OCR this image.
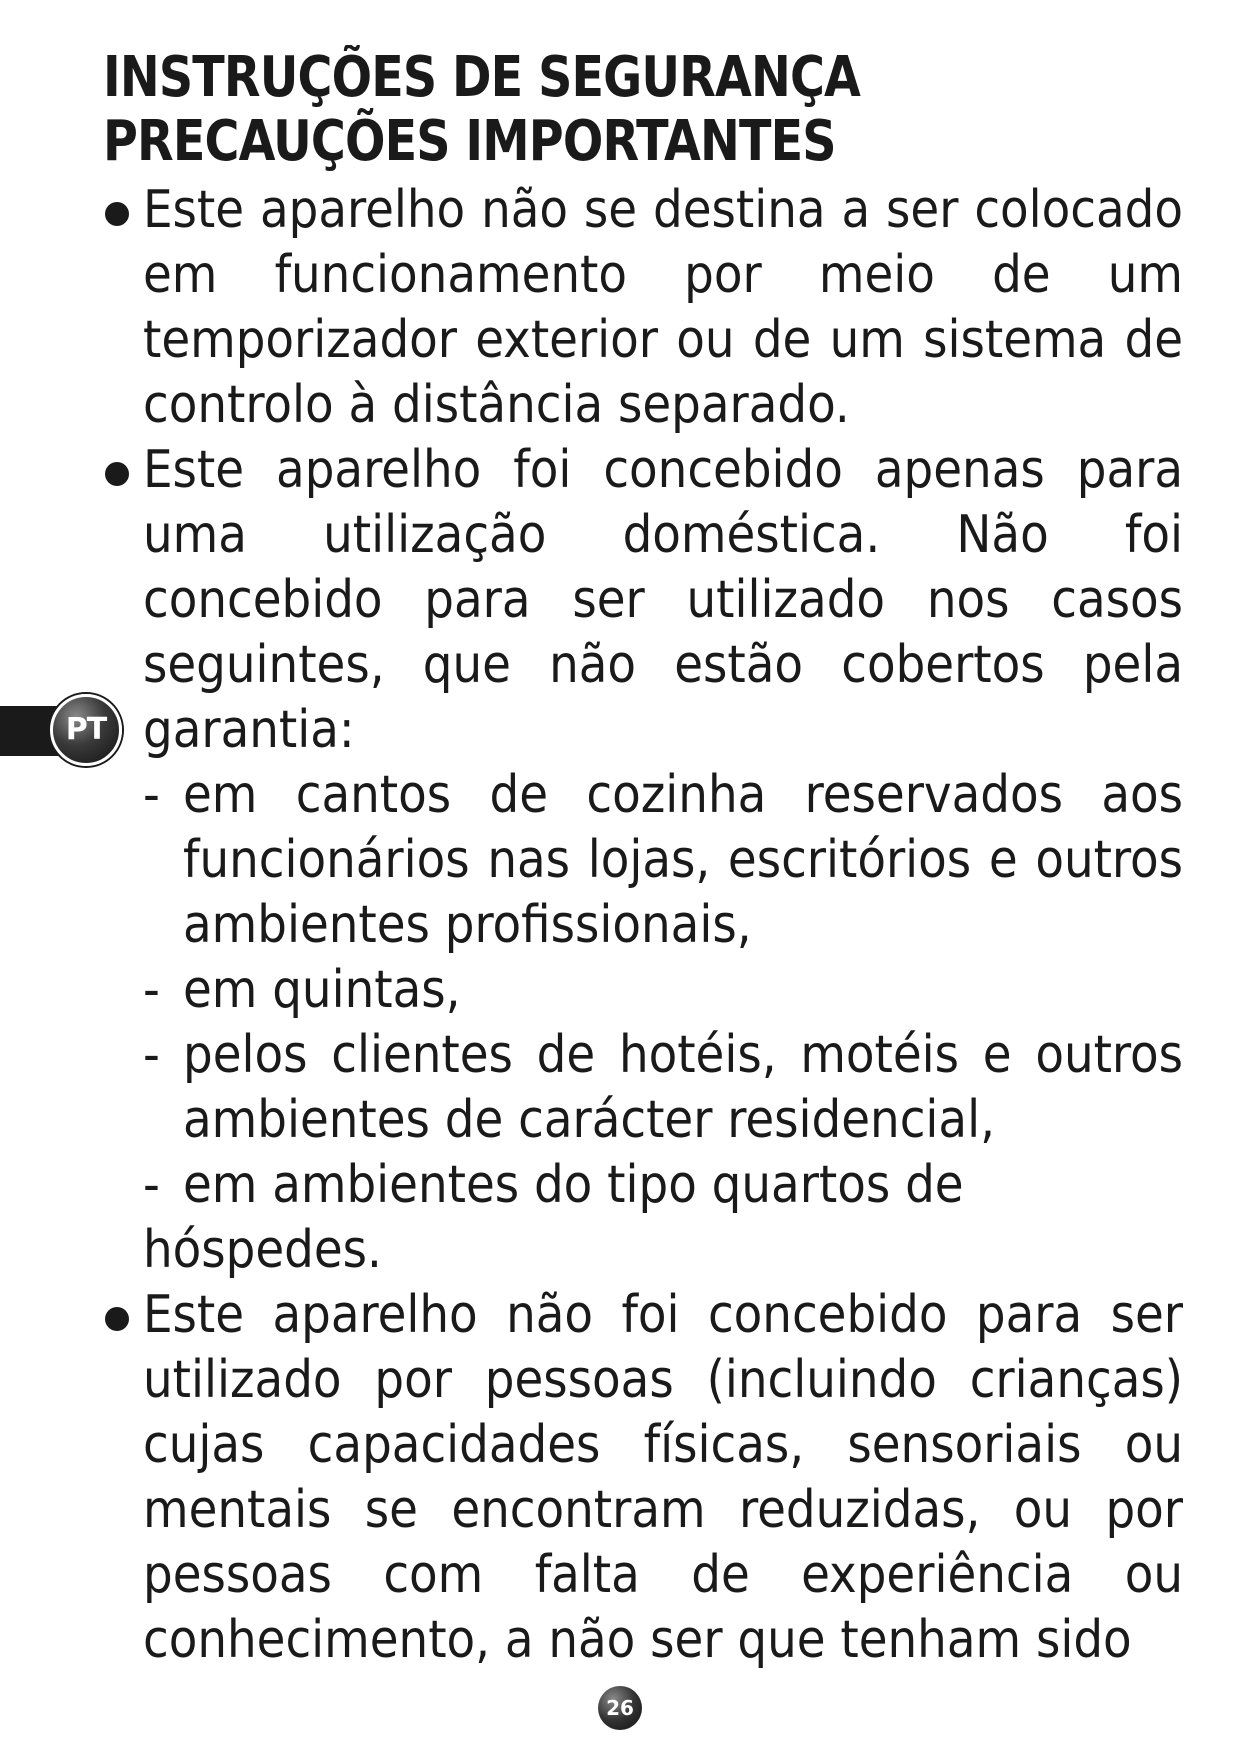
INSTRUÇÕES DE SEGURANÇA
PRECAUÇÕES IMPORTANTES
PT
Este aparelho não se destina a ser colocado em funcionamento por meio de um temporizador exterior ou de um sistema de controlo à distância separado.
Este aparelho foi concebido apenas para uma utilização doméstica. Não foi concebido para ser utilizado nos casos seguintes, que não estão cobertos pela garantia:
- em cantos de cozinha reservados aos funcionários nas lojas, escritórios e outros ambientes profissionais,
- em quintas,
- pelos clientes de hotéis, motéis e outros ambientes de carácter residencial,
- em ambientes do tipo quartos de
hóspedes.
Este aparelho não foi concebido para ser utilizado por pessoas (incluindo crianças) cujas capacidades físicas, sensoriais ou mentais se encontram reduzidas, ou por pessoas com falta de experiência ou conhecimento, a não ser que tenham sido
26
